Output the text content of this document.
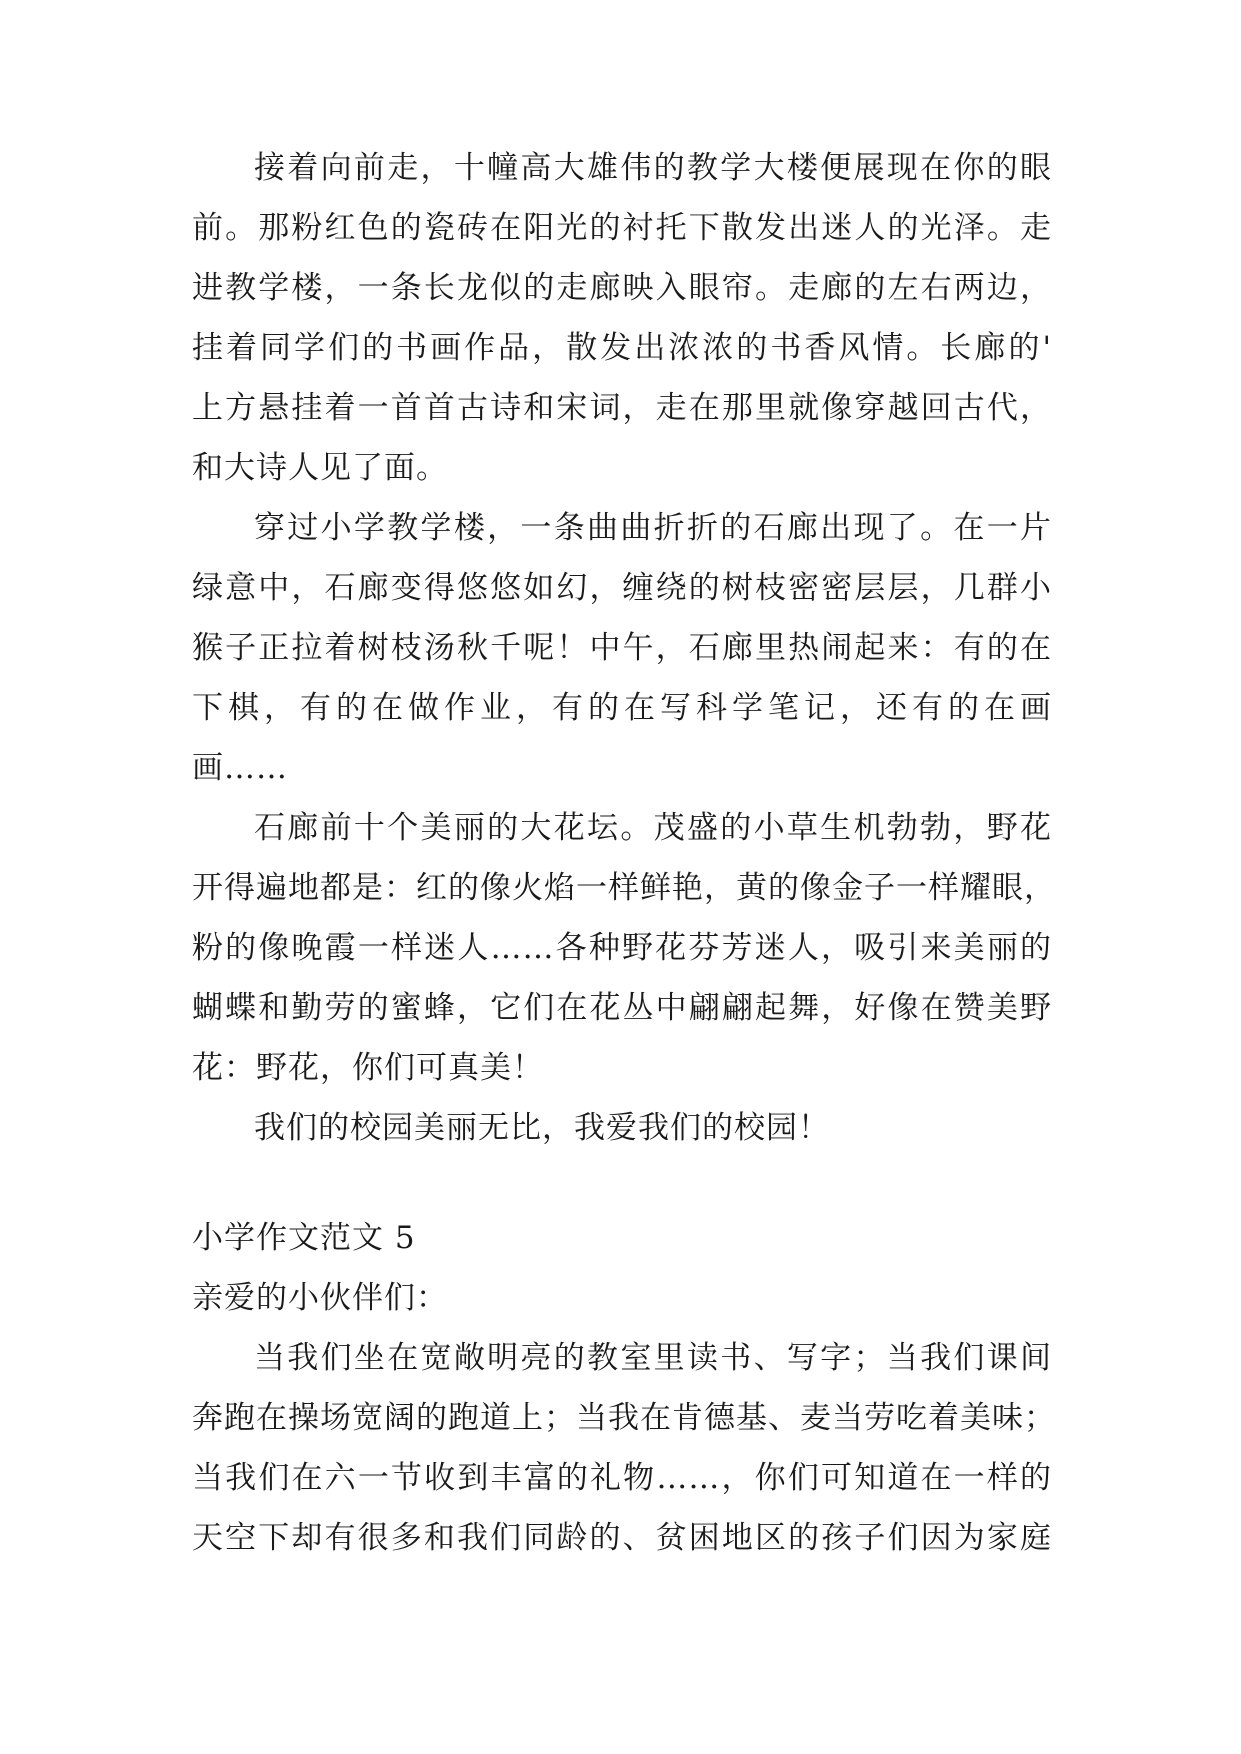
接着向前走，十幢高大雄伟的教学大楼便展现在你的眼
前。那粉红色的瓷砖在阳光的衬托下散发出迷人的光泽。走
进教学楼，一条长龙似的走廊映入眼帘。走廊的左右两边，
挂着同学们的书画作品，散发出浓浓的书香风情。长廊的'
上方悬挂着一首首古诗和宋词，走在那里就像穿越回古代，
和大诗人见了面。
穿过小学教学楼，一条曲曲折折的石廊出现了。在一片
绿意中，石廊变得悠悠如幻，缠绕的树枝密密层层，几群小
猴子正拉着树枝汤秋千呢！中午，石廊里热闹起来：有的在
下棋，有的在做作业，有的在写科学笔记，还有的在画
画……
石廊前十个美丽的大花坛。茂盛的小草生机勃勃，野花
开得遍地都是：红的像火焰一样鲜艳，黄的像金子一样耀眼，
粉的像晚霞一样迷人……各种野花芬芳迷人，吸引来美丽的
蝴蝶和勤劳的蜜蜂，它们在花丛中翩翩起舞，好像在赞美野
花：野花，你们可真美！
我们的校园美丽无比，我爱我们的校园！
小学作文范文 5
亲爱的小伙伴们：
当我们坐在宽敞明亮的教室里读书、写字；当我们课间
奔跑在操场宽阔的跑道上；当我在肯德基、麦当劳吃着美味；
当我们在六一节收到丰富的礼物……，你们可知道在一样的
天空下却有很多和我们同龄的、贫困地区的孩子们因为家庭
